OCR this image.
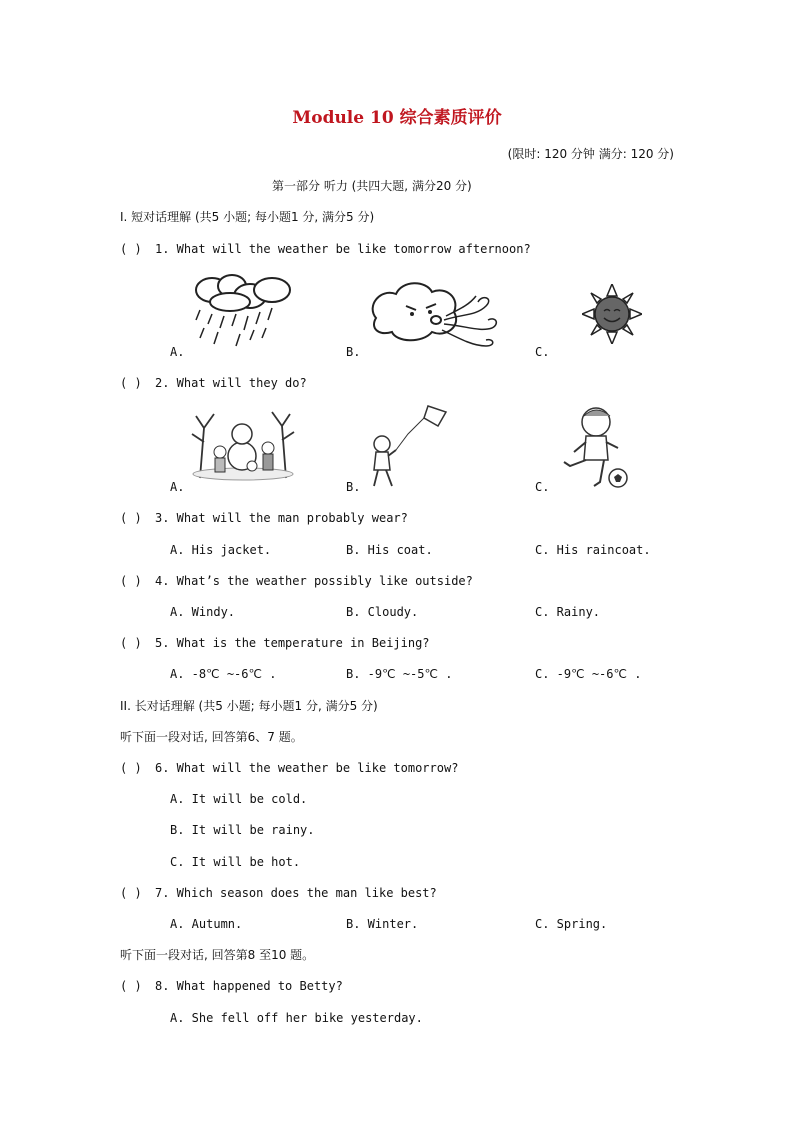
Module 10 综合素质评价
(限时: 120 分钟 满分: 120 分)
第一部分 听力 (共四大题, 满分20 分)
I. 短对话理解 (共5 小题; 每小题1 分, 满分5 分)
( ) 1. What will the weather be like tomorrow afternoon?
A.	B.	C.
( ) 2. What will they do?
A.	B.	C.
( ) 3. What will the man probably wear?
A. His jacket.	B. His coat.	C. His raincoat.
( ) 4. What’s the weather possibly like outside?
A. Windy.	B. Cloudy.	C. Rainy.
( ) 5. What is the temperature in Beijing?
A. -8℃ ~-6℃ .	B. -9℃ ~-5℃ .	C. -9℃ ~-6℃ .
II. 长对话理解 (共5 小题; 每小题1 分, 满分5 分)
听下面一段对话, 回答第6、7 题。
( ) 6. What will the weather be like tomorrow?
A. It will be cold.
B. It will be rainy.
C. It will be hot.
( ) 7. Which season does the man like best?
A. Autumn.	B. Winter.	C. Spring.
听下面一段对话, 回答第8 至10 题。
( ) 8. What happened to Betty?
A. She fell off her bike yesterday.
